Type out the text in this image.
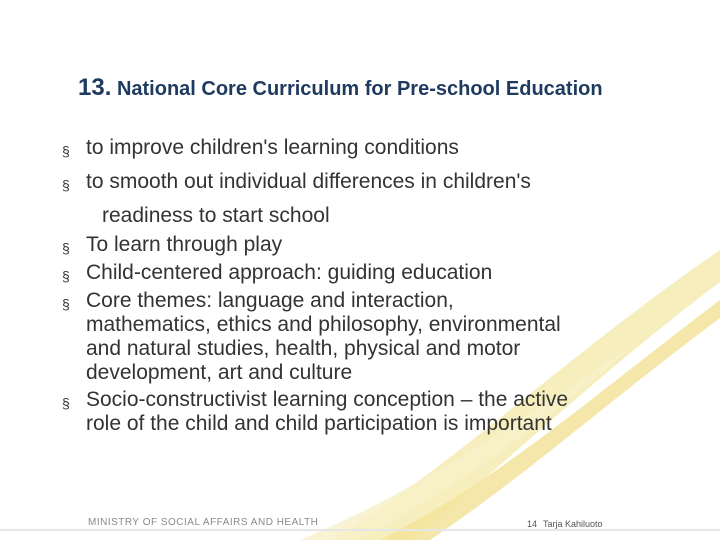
13. National Core Curriculum for Pre-school Education
§ to improve children's learning conditions
§ to smooth out individual differences in children's
readiness to start school
§ To learn through play
§ Child-centered approach: guiding education
§ Core themes: language and interaction,
mathematics, ethics and philosophy, environmental
and natural studies, health, physical and motor
development, art and culture
§ Socio-constructivist learning conception – the active
role of the child and child participation is important
MINISTRY OF SOCIAL AFFAIRS AND HEALTH	14 Tarja Kahiluoto
